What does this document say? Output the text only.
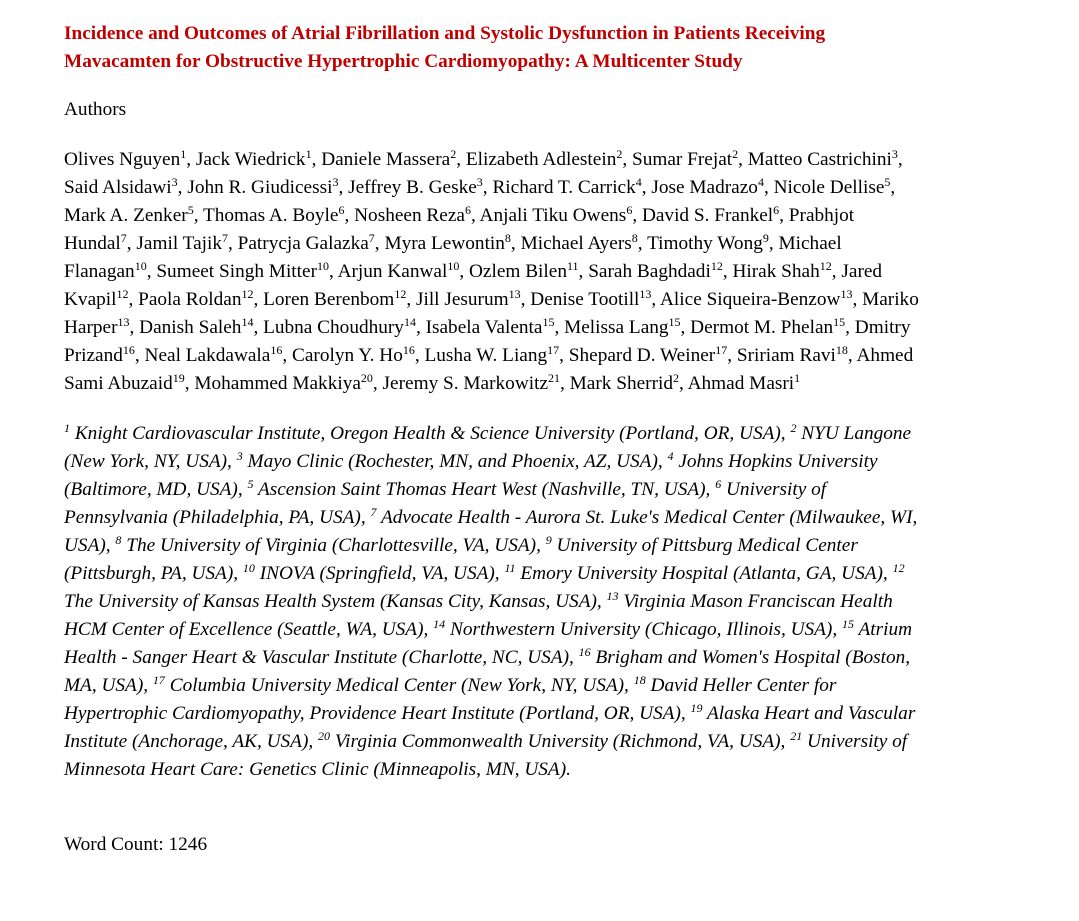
Incidence and Outcomes of Atrial Fibrillation and Systolic Dysfunction in Patients Receiving
Mavacamten for Obstructive Hypertrophic Cardiomyopathy: A Multicenter Study
Authors
Olives Nguyen$^1$, Jack Wiedrick$^1$, Daniele Massera$^2$, Elizabeth Adlestein$^2$, Sumar Frejat$^2$, Matteo Castrichini$^3$,
Said Alsidawi$^3$, John R. Giudicessi$^3$, Jeffrey B. Geske$^3$, Richard T. Carrick$^4$, Jose Madrazo$^4$, Nicole Dellise$^5$,
Mark A. Zenker$^5$, Thomas A. Boyle$^6$, Nosheen Reza$^6$, Anjali Tiku Owens$^6$, David S. Frankel$^6$, Prabhjot
Hundal$^7$, Jamil Tajik$^7$, Patrycja Galazka$^7$, Myra Lewontin$^8$, Michael Ayers$^8$, Timothy Wong$^9$, Michael
Flanagan$^{10}$, Sumeet Singh Mitter$^{10}$, Arjun Kanwal$^{10}$, Ozlem Bilen$^{11}$, Sarah Baghdadi$^{12}$, Hirak Shah$^{12}$, Jared
Kvapil$^{12}$, Paola Roldan$^{12}$, Loren Berenbom$^{12}$, Jill Jesurum$^{13}$, Denise Tootill$^{13}$, Alice Siqueira-Benzow$^{13}$, Mariko
Harper$^{13}$, Danish Saleh$^{14}$, Lubna Choudhury$^{14}$, Isabela Valenta$^{15}$, Melissa Lang$^{15}$, Dermot M. Phelan$^{15}$, Dmitry
Prizand$^{16}$, Neal Lakdawala$^{16}$, Carolyn Y. Ho$^{16}$, Lusha W. Liang$^{17}$, Shepard D. Weiner$^{17}$, Sririam Ravi$^{18}$, Ahmed
Sami Abuzaid$^{19}$, Mohammed Makkiya$^{20}$, Jeremy S. Markowitz$^{21}$, Mark Sherrid$^2$, Ahmad Masri$^1$
$^1$ Knight Cardiovascular Institute, Oregon Health & Science University (Portland, OR, USA), $^2$ NYU Langone
(New York, NY, USA), $^3$ Mayo Clinic (Rochester, MN, and Phoenix, AZ, USA), $^4$ Johns Hopkins University
(Baltimore, MD, USA), $^5$ Ascension Saint Thomas Heart West (Nashville, TN, USA), $^6$ University of
Pennsylvania (Philadelphia, PA, USA), $^7$ Advocate Health - Aurora St. Luke's Medical Center (Milwaukee, WI,
USA), $^8$ The University of Virginia (Charlottesville, VA, USA), $^9$ University of Pittsburg Medical Center
(Pittsburgh, PA, USA), $^{10}$ INOVA (Springfield, VA, USA), $^{11}$ Emory University Hospital (Atlanta, GA, USA), $^{12}$
The University of Kansas Health System (Kansas City, Kansas, USA), $^{13}$ Virginia Mason Franciscan Health
HCM Center of Excellence (Seattle, WA, USA), $^{14}$ Northwestern University (Chicago, Illinois, USA), $^{15}$ Atrium
Health - Sanger Heart & Vascular Institute (Charlotte, NC, USA), $^{16}$ Brigham and Women's Hospital (Boston,
MA, USA), $^{17}$ Columbia University Medical Center (New York, NY, USA), $^{18}$ David Heller Center for
Hypertrophic Cardiomyopathy, Providence Heart Institute (Portland, OR, USA), $^{19}$ Alaska Heart and Vascular
Institute (Anchorage, AK, USA), $^{20}$ Virginia Commonwealth University (Richmond, VA, USA), $^{21}$ University of
Minnesota Heart Care: Genetics Clinic (Minneapolis, MN, USA).
Word Count: 1246
